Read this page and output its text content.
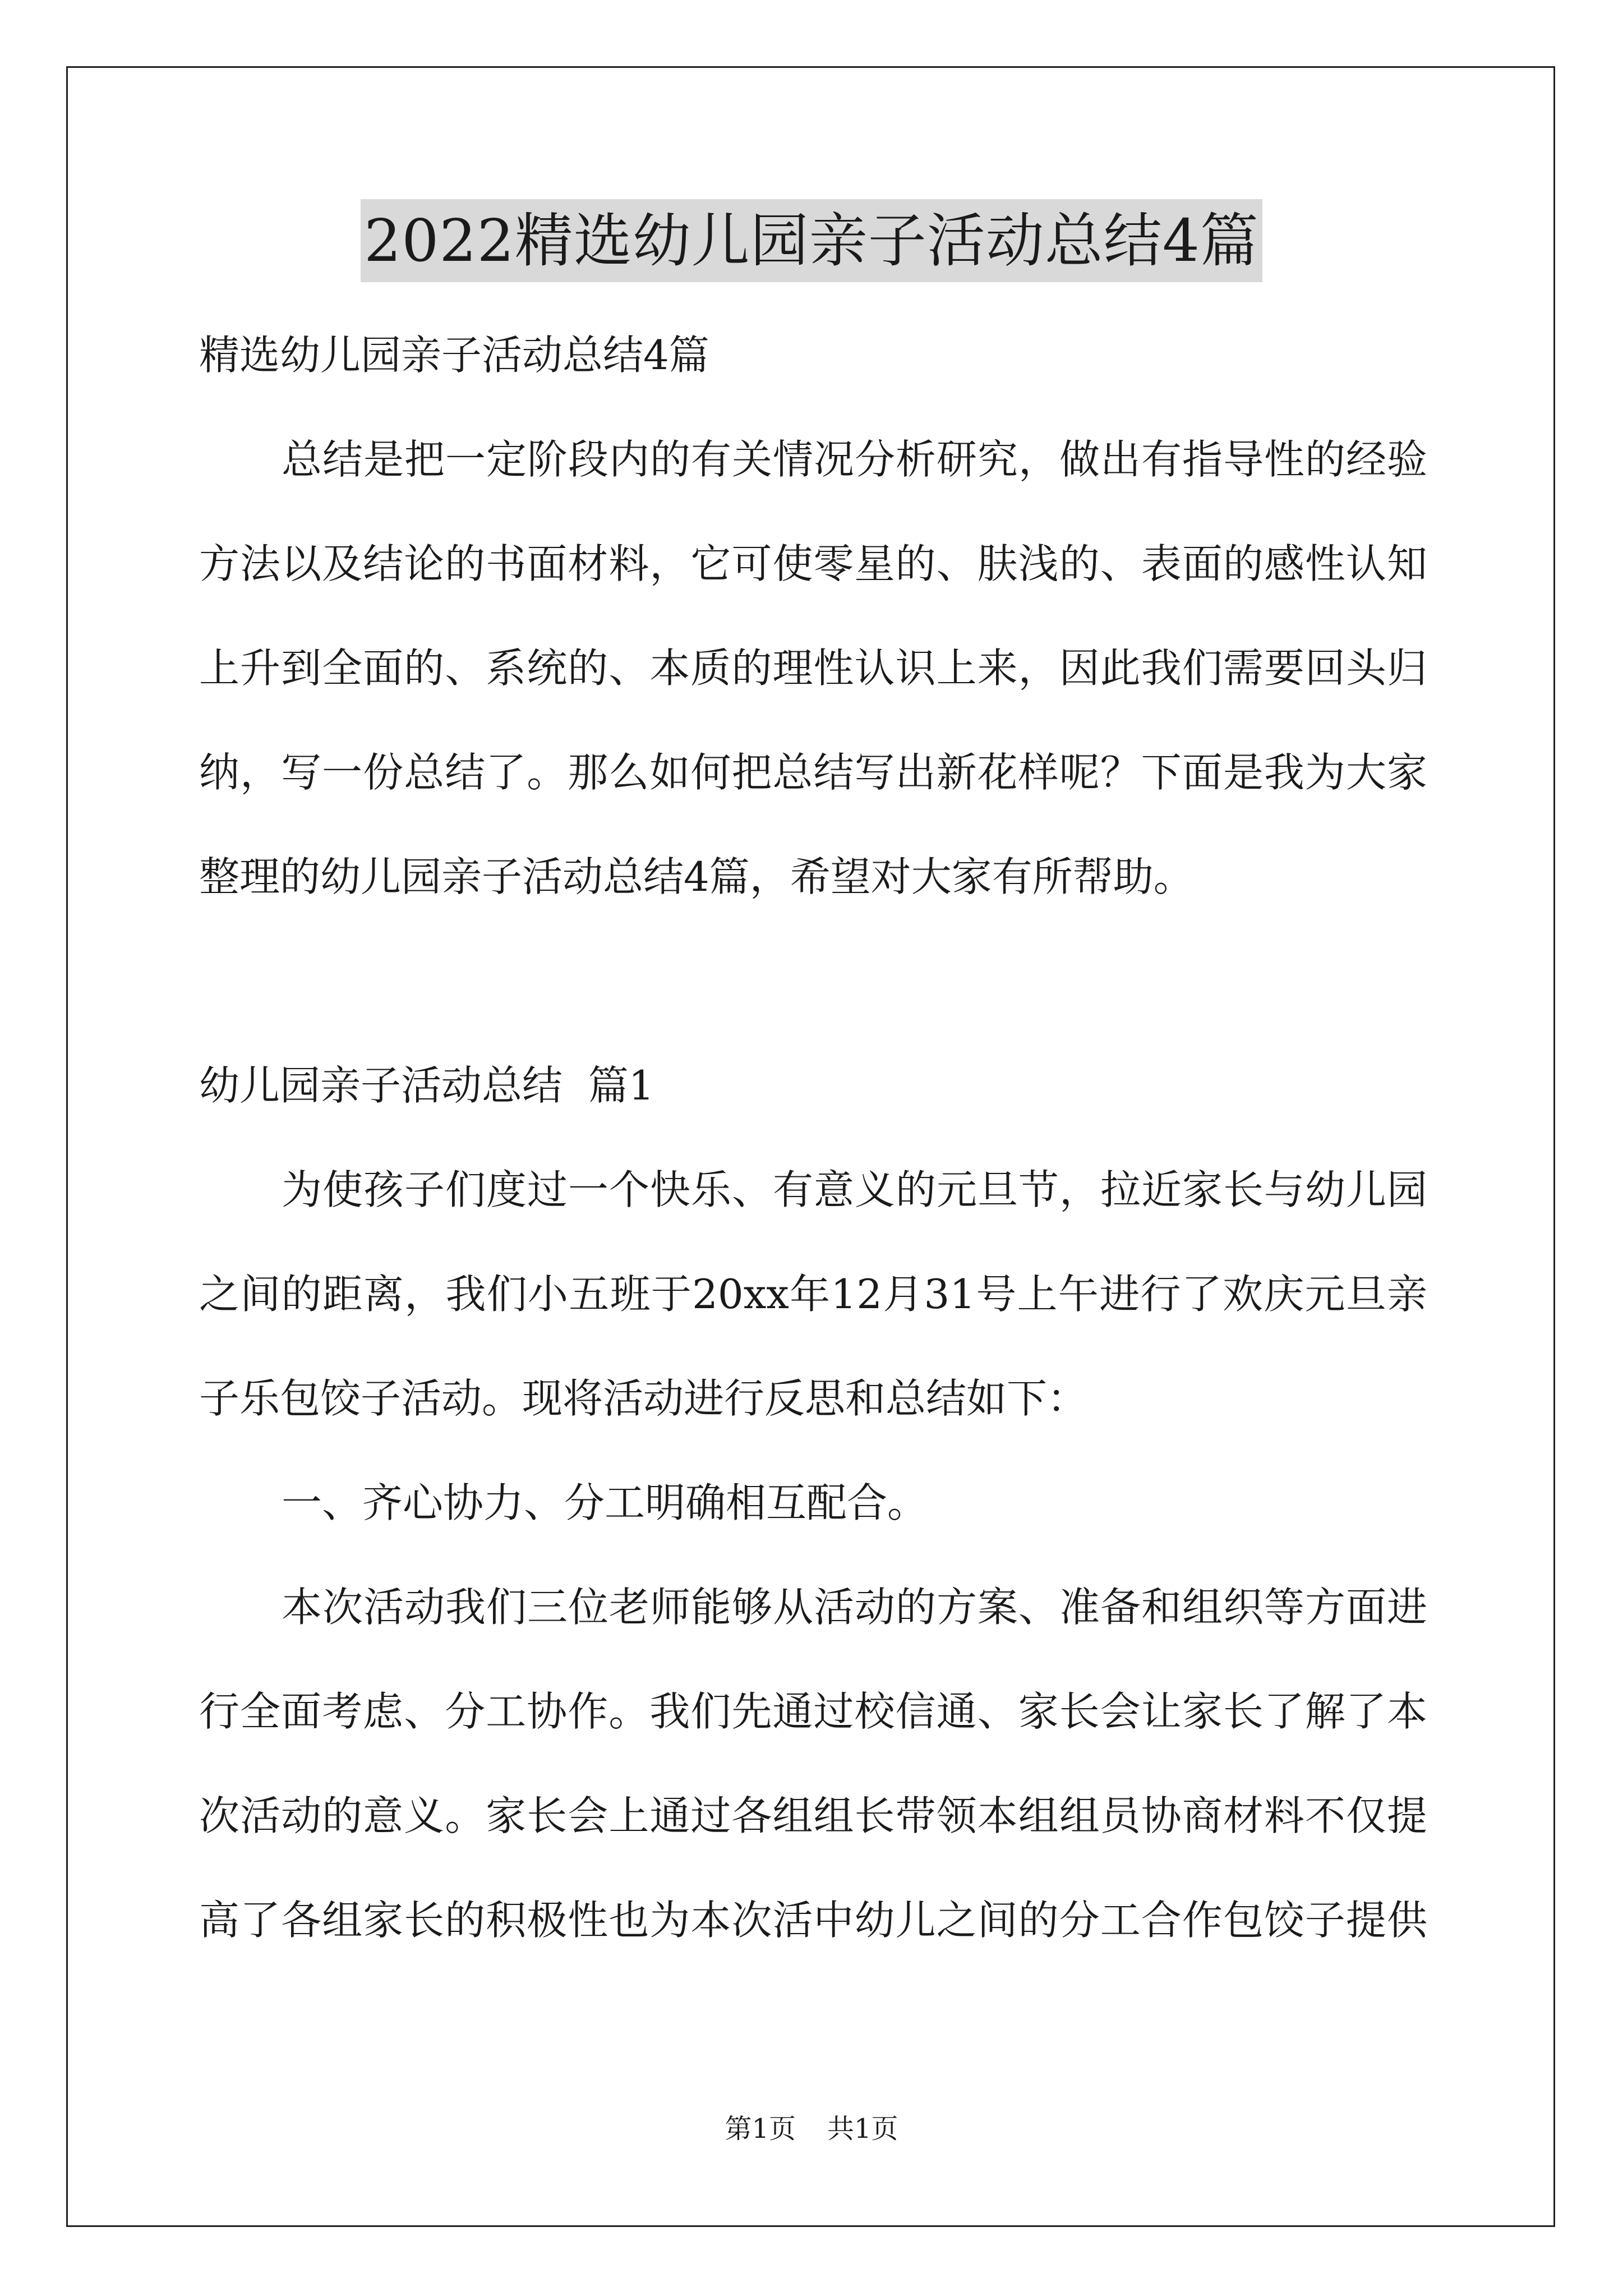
2022精选幼儿园亲子活动总结4篇
精选幼儿园亲子活动总结4篇
总结是把一定阶段内的有关情况分析研究，做出有指导性的经验
方法以及结论的书面材料，它可使零星的、肤浅的、表面的感性认知
上升到全面的、系统的、本质的理性认识上来，因此我们需要回头归
纳，写一份总结了。那么如何把总结写出新花样呢？下面是我为大家
整理的幼儿园亲子活动总结4篇，希望对大家有所帮助。
幼儿园亲子活动总结  篇1
为使孩子们度过一个快乐、有意义的元旦节，拉近家长与幼儿园
之间的距离，我们小五班于20xx年12月31号上午进行了欢庆元旦亲
子乐包饺子活动。现将活动进行反思和总结如下：
一、齐心协力、分工明确相互配合。
本次活动我们三位老师能够从活动的方案、准备和组织等方面进
行全面考虑、分工协作。我们先通过校信通、家长会让家长了解了本
次活动的意义。家长会上通过各组组长带领本组组员协商材料不仅提
高了各组家长的积极性也为本次活中幼儿之间的分工合作包饺子提供
第1页 共1页
